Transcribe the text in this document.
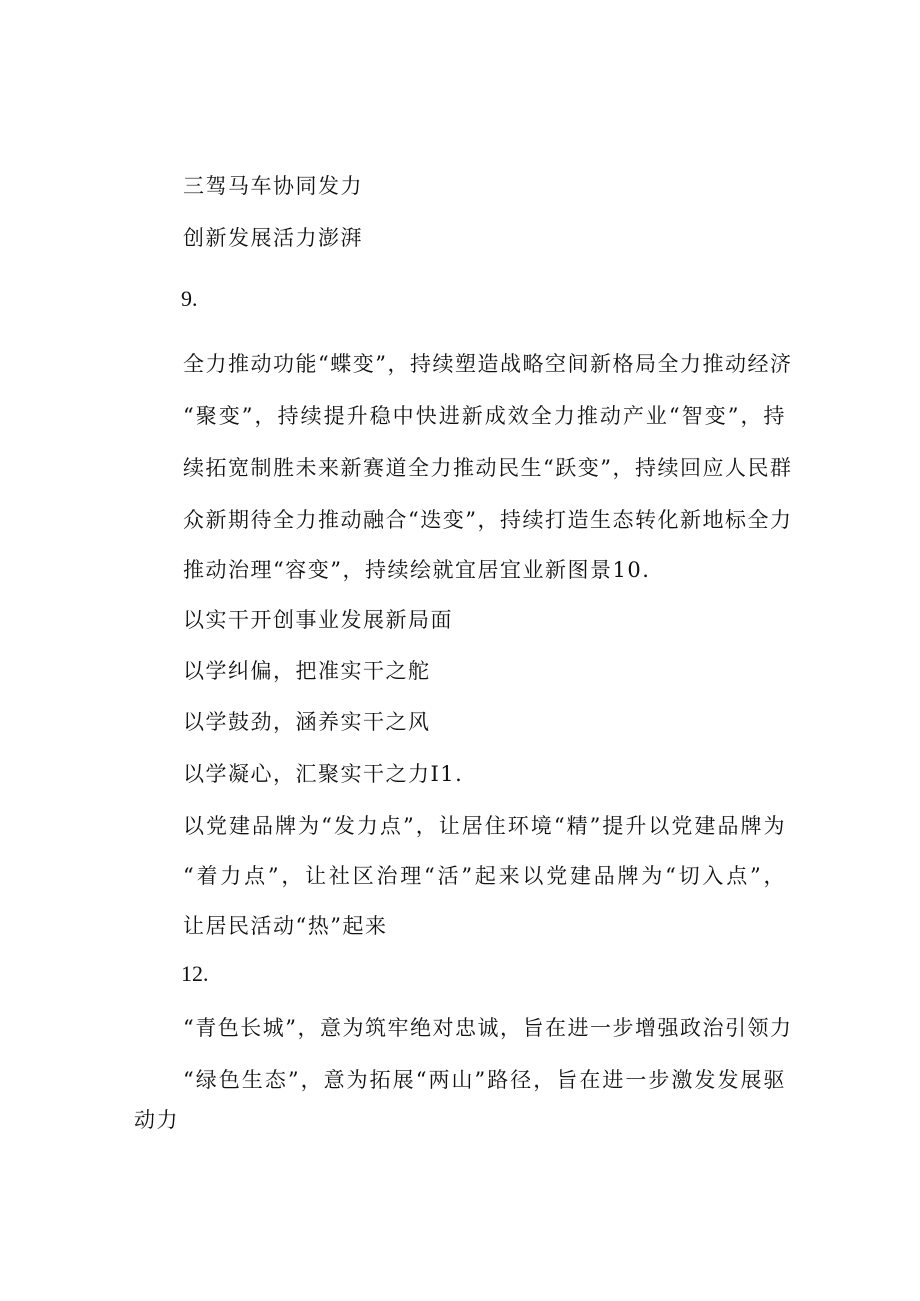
三驾马车协同发力
创新发展活力澎湃
9.
全力推动功能“蝶变”，持续塑造战略空间新格局全力推动经济
“聚变”，持续提升稳中快进新成效全力推动产业“智变”，持
续拓宽制胜未来新赛道全力推动民生“跃变”，持续回应人民群
众新期待全力推动融合“迭变”，持续打造生态转化新地标全力
推动治理“容变”，持续绘就宜居宜业新图景10.
以实干开创事业发展新局面
以学纠偏，把准实干之舵
以学鼓劲，涵养实干之风
以学凝心，汇聚实干之力I1.
以党建品牌为“发力点”，让居住环境“精”提升以党建品牌为
“着力点”，让社区治理“活”起来以党建品牌为“切入点”，
让居民活动“热”起来
12.
“青色长城”，意为筑牢绝对忠诚，旨在进一步增强政治引领力
“绿色生态”，意为拓展“两山”路径，旨在进一步激发发展驱
动力
